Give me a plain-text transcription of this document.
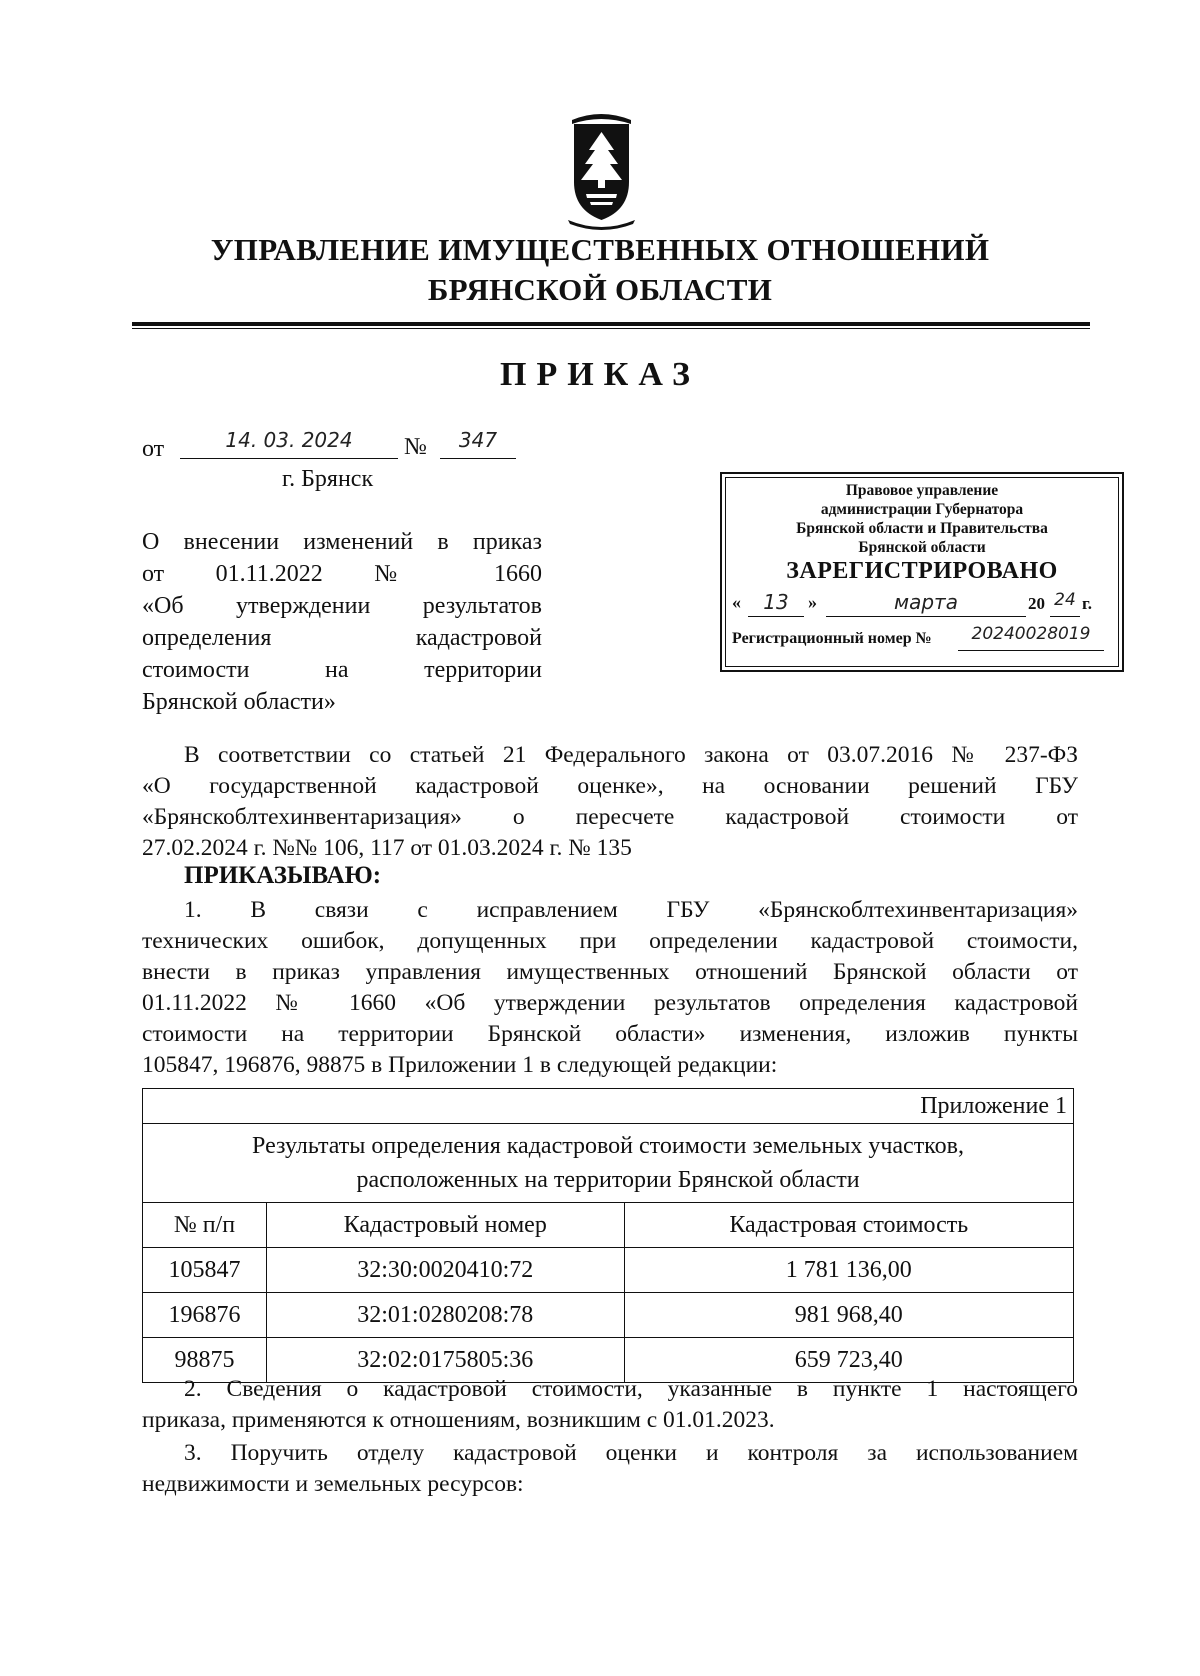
УПРАВЛЕНИЕ ИМУЩЕСТВЕННЫХ ОТНОШЕНИЙ
БРЯНСКОЙ ОБЛАСТИ
ПРИКАЗ
от	14. 03. 2024	№	347
г. Брянск	Правовое управление
администрации Губернатора
Брянской области и Правительства
Брянской области
ЗАРЕГИСТРИРОВАНО
«	13	»	марта	20 24 г.
Регистрационный номер №	20240028019
О внесении изменений в приказ
от 01.11.2022 № 1660
«Об утверждении результатов
определения кадастровой
стоимости на территории
Брянской области»
В соответствии со статьей 21 Федерального закона от 03.07.2016 № 237-ФЗ
«О государственной кадастровой оценке», на основании решений ГБУ
«Брянскоблтехинвентаризация» о пересчете кадастровой стоимости от
27.02.2024 г. №№ 106, 117 от 01.03.2024 г. № 135
ПРИКАЗЫВАЮ:
1. В связи с исправлением ГБУ «Брянскоблтехинвентаризация»
технических ошибок, допущенных при определении кадастровой стоимости,
внести в приказ управления имущественных отношений Брянской области от
01.11.2022 № 1660 «Об утверждении результатов определения кадастровой
стоимости на территории Брянской области» изменения, изложив пункты
105847, 196876, 98875 в Приложении 1 в следующей редакции:
Приложение 1		

Результаты определения кадастровой стоимости земельных участков,
расположенных на территории Брянской области		

№ п/п	Кадастровый номер	Кадастровая стоимость
105847	32:30:0020410:72	1 781 136,00
196876	32:01:0280208:78	981 968,40
98875	32:02:0175805:36	659 723,40
2. Сведения о кадастровой стоимости, указанные в пункте 1 настоящего
приказа, применяются к отношениям, возникшим с 01.01.2023.
3. Поручить отделу кадастровой оценки и контроля за использованием
недвижимости и земельных ресурсов:
